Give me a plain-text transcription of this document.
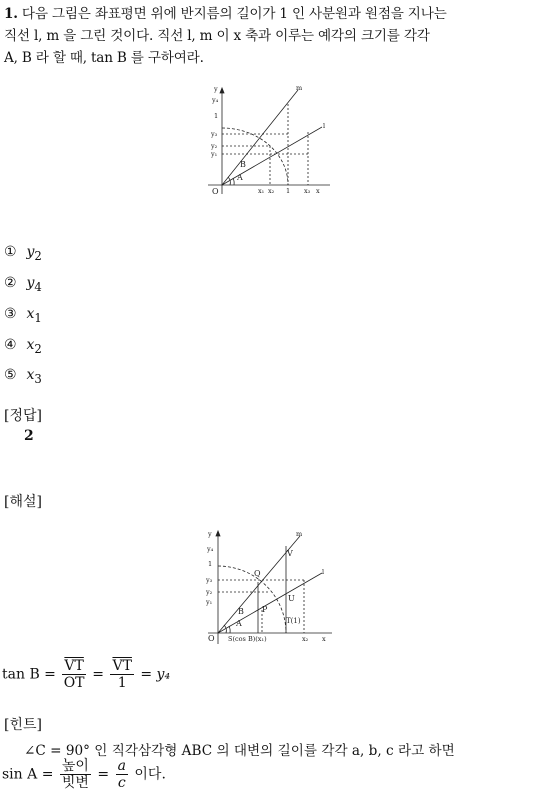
1. 다음 그림은 좌표평면 위에 반지름의 길이가 1 인 사분원과 원점을 지나는
직선 l, m 을 그린 것이다. 직선 l, m 이 x 축과 이루는 예각의 크기를 각각
A, B 라 할 때, tan B 를 구하여라.
y
y₄
1
y₃
y₂
y₁
m
l
B
A
O	x₁ x₂ 1 x₃ x
① $y_2$
② $y_4$
③ $x_1$
④ $x_2$
⑤ $x_3$
[정답]
2
[해설]
y
y₄
1
y₃
y₂
y₁
m
l
Q
V
U
P
B
A	T(1)
O S(cos B)(x₁)	x₂ x
$\tan B = \frac{\overline{VT}}{OT} = \frac{\overline{VT}}{1} = y_4$
[힌트]
∠C = 90° 인 직각삼각형 ABC 의 대변의 길이를 각각 a, b, c 라고 하면
$\sin A = \frac{\text{높이}}{\text{빗변}} = \frac{a}{c}$ 이다.
